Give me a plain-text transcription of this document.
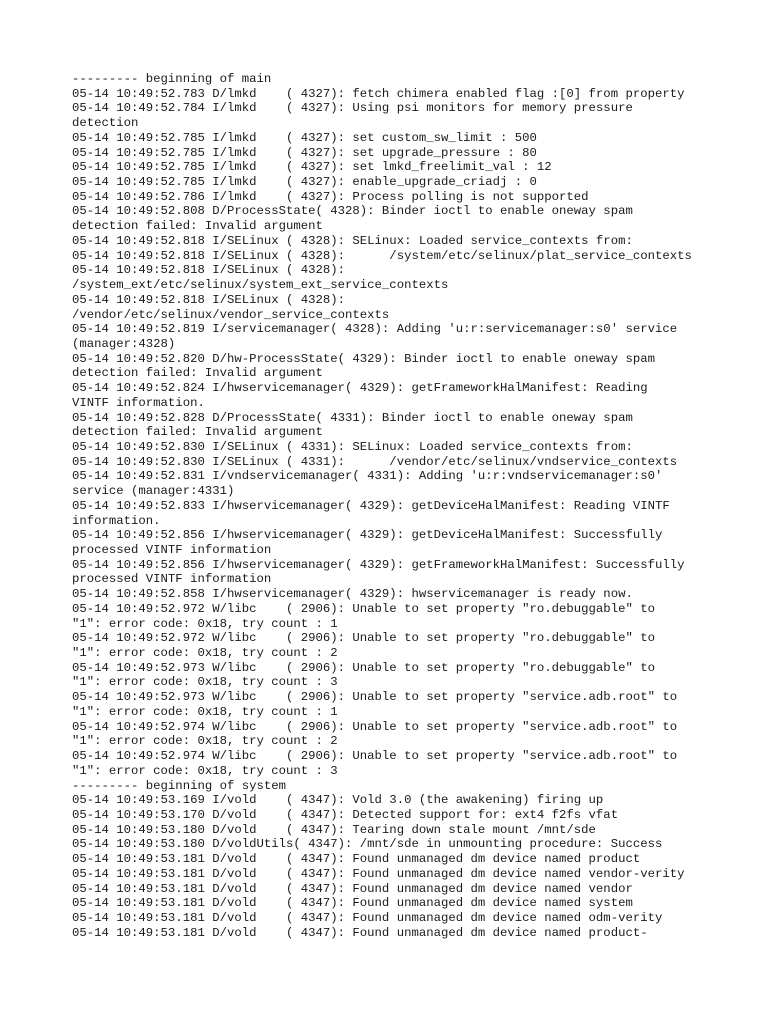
--------- beginning of main
05-14 10:49:52.783 D/lmkd    ( 4327): fetch chimera enabled flag :[0] from property
05-14 10:49:52.784 I/lmkd    ( 4327): Using psi monitors for memory pressure
detection
05-14 10:49:52.785 I/lmkd    ( 4327): set custom_sw_limit : 500
05-14 10:49:52.785 I/lmkd    ( 4327): set upgrade_pressure : 80
05-14 10:49:52.785 I/lmkd    ( 4327): set lmkd_freelimit_val : 12
05-14 10:49:52.785 I/lmkd    ( 4327): enable_upgrade_criadj : 0
05-14 10:49:52.786 I/lmkd    ( 4327): Process polling is not supported
05-14 10:49:52.808 D/ProcessState( 4328): Binder ioctl to enable oneway spam
detection failed: Invalid argument
05-14 10:49:52.818 I/SELinux ( 4328): SELinux: Loaded service_contexts from:
05-14 10:49:52.818 I/SELinux ( 4328):      /system/etc/selinux/plat_service_contexts
05-14 10:49:52.818 I/SELinux ( 4328):
/system_ext/etc/selinux/system_ext_service_contexts
05-14 10:49:52.818 I/SELinux ( 4328):
/vendor/etc/selinux/vendor_service_contexts
05-14 10:49:52.819 I/servicemanager( 4328): Adding 'u:r:servicemanager:s0' service
(manager:4328)
05-14 10:49:52.820 D/hw-ProcessState( 4329): Binder ioctl to enable oneway spam
detection failed: Invalid argument
05-14 10:49:52.824 I/hwservicemanager( 4329): getFrameworkHalManifest: Reading
VINTF information.
05-14 10:49:52.828 D/ProcessState( 4331): Binder ioctl to enable oneway spam
detection failed: Invalid argument
05-14 10:49:52.830 I/SELinux ( 4331): SELinux: Loaded service_contexts from:
05-14 10:49:52.830 I/SELinux ( 4331):      /vendor/etc/selinux/vndservice_contexts
05-14 10:49:52.831 I/vndservicemanager( 4331): Adding 'u:r:vndservicemanager:s0'
service (manager:4331)
05-14 10:49:52.833 I/hwservicemanager( 4329): getDeviceHalManifest: Reading VINTF
information.
05-14 10:49:52.856 I/hwservicemanager( 4329): getDeviceHalManifest: Successfully
processed VINTF information
05-14 10:49:52.856 I/hwservicemanager( 4329): getFrameworkHalManifest: Successfully
processed VINTF information
05-14 10:49:52.858 I/hwservicemanager( 4329): hwservicemanager is ready now.
05-14 10:49:52.972 W/libc    ( 2906): Unable to set property "ro.debuggable" to
"1": error code: 0x18, try count : 1
05-14 10:49:52.972 W/libc    ( 2906): Unable to set property "ro.debuggable" to
"1": error code: 0x18, try count : 2
05-14 10:49:52.973 W/libc    ( 2906): Unable to set property "ro.debuggable" to
"1": error code: 0x18, try count : 3
05-14 10:49:52.973 W/libc    ( 2906): Unable to set property "service.adb.root" to
"1": error code: 0x18, try count : 1
05-14 10:49:52.974 W/libc    ( 2906): Unable to set property "service.adb.root" to
"1": error code: 0x18, try count : 2
05-14 10:49:52.974 W/libc    ( 2906): Unable to set property "service.adb.root" to
"1": error code: 0x18, try count : 3
--------- beginning of system
05-14 10:49:53.169 I/vold    ( 4347): Vold 3.0 (the awakening) firing up
05-14 10:49:53.170 D/vold    ( 4347): Detected support for: ext4 f2fs vfat
05-14 10:49:53.180 D/vold    ( 4347): Tearing down stale mount /mnt/sde
05-14 10:49:53.180 D/voldUtils( 4347): /mnt/sde in unmounting procedure: Success
05-14 10:49:53.181 D/vold    ( 4347): Found unmanaged dm device named product
05-14 10:49:53.181 D/vold    ( 4347): Found unmanaged dm device named vendor-verity
05-14 10:49:53.181 D/vold    ( 4347): Found unmanaged dm device named vendor
05-14 10:49:53.181 D/vold    ( 4347): Found unmanaged dm device named system
05-14 10:49:53.181 D/vold    ( 4347): Found unmanaged dm device named odm-verity
05-14 10:49:53.181 D/vold    ( 4347): Found unmanaged dm device named product-
